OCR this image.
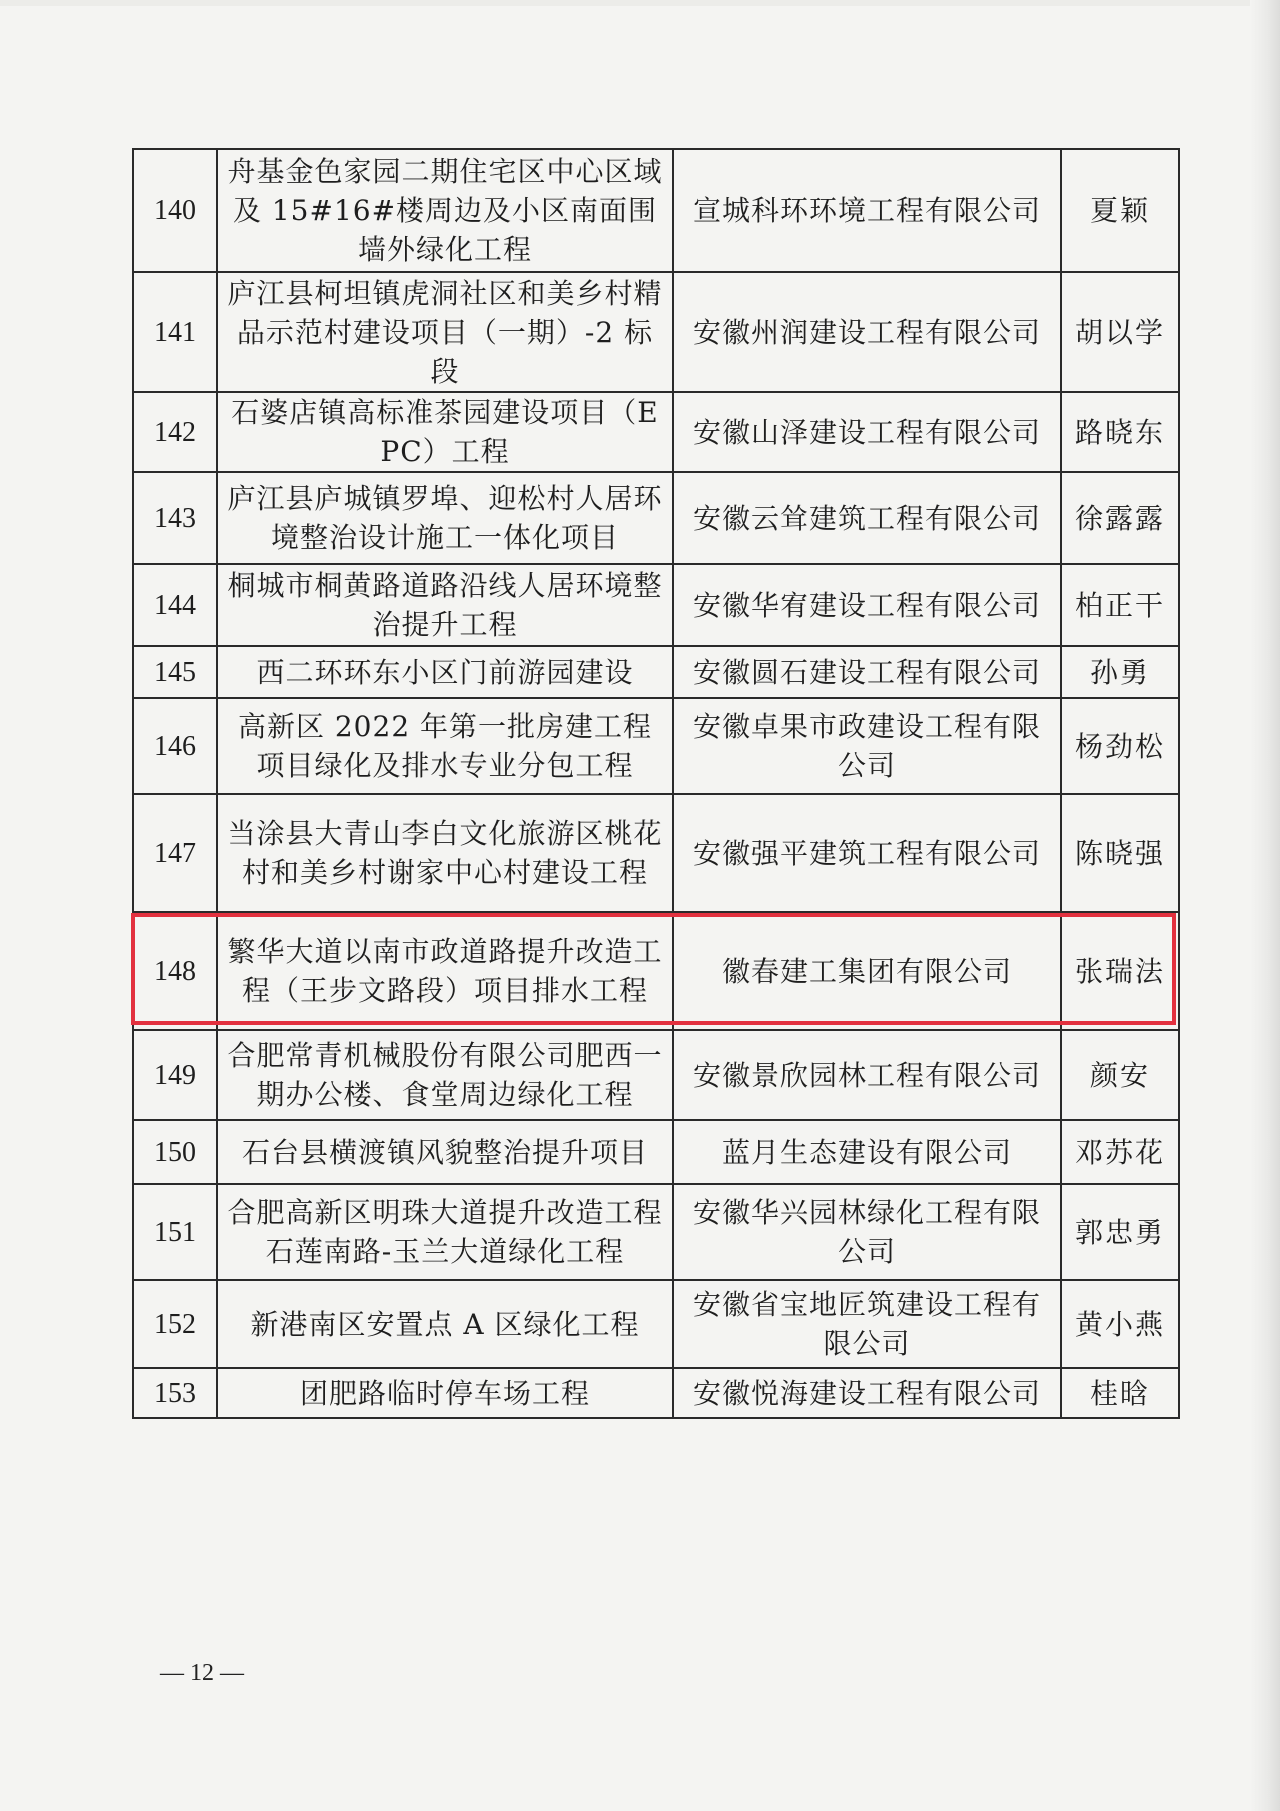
140	舟基金色家园二期住宅区中心区域及 15#16#楼周边及小区南面围墙外绿化工程	宣城科环环境工程有限公司	夏颖
141	庐江县柯坦镇虎洞社区和美乡村精品示范村建设项目（一期）-2 标段	安徽州润建设工程有限公司	胡以学
142	石婆店镇高标准茶园建设项目（EPC）工程	安徽山泽建设工程有限公司	路晓东
143	庐江县庐城镇罗埠、迎松村人居环境整治设计施工一体化项目	安徽云耸建筑工程有限公司	徐露露
144	桐城市桐黄路道路沿线人居环境整治提升工程	安徽华宥建设工程有限公司	柏正干
145	西二环环东小区门前游园建设	安徽圆石建设工程有限公司	孙勇
146	高新区 2022 年第一批房建工程项目绿化及排水专业分包工程	安徽卓果市政建设工程有限公司	杨劲松
147	当涂县大青山李白文化旅游区桃花村和美乡村谢家中心村建设工程	安徽强平建筑工程有限公司	陈晓强
148	繁华大道以南市政道路提升改造工程（王步文路段）项目排水工程	徽春建工集团有限公司	张瑞法
149	合肥常青机械股份有限公司肥西一期办公楼、食堂周边绿化工程	安徽景欣园林工程有限公司	颜安
150	石台县横渡镇风貌整治提升项目	蓝月生态建设有限公司	邓苏花
151	合肥高新区明珠大道提升改造工程石莲南路-玉兰大道绿化工程	安徽华兴园林绿化工程有限公司	郭忠勇
152	新港南区安置点 A 区绿化工程	安徽省宝地匠筑建设工程有限公司	黄小燕
153	团肥路临时停车场工程	安徽悦海建设工程有限公司	桂晗
— 12 —
